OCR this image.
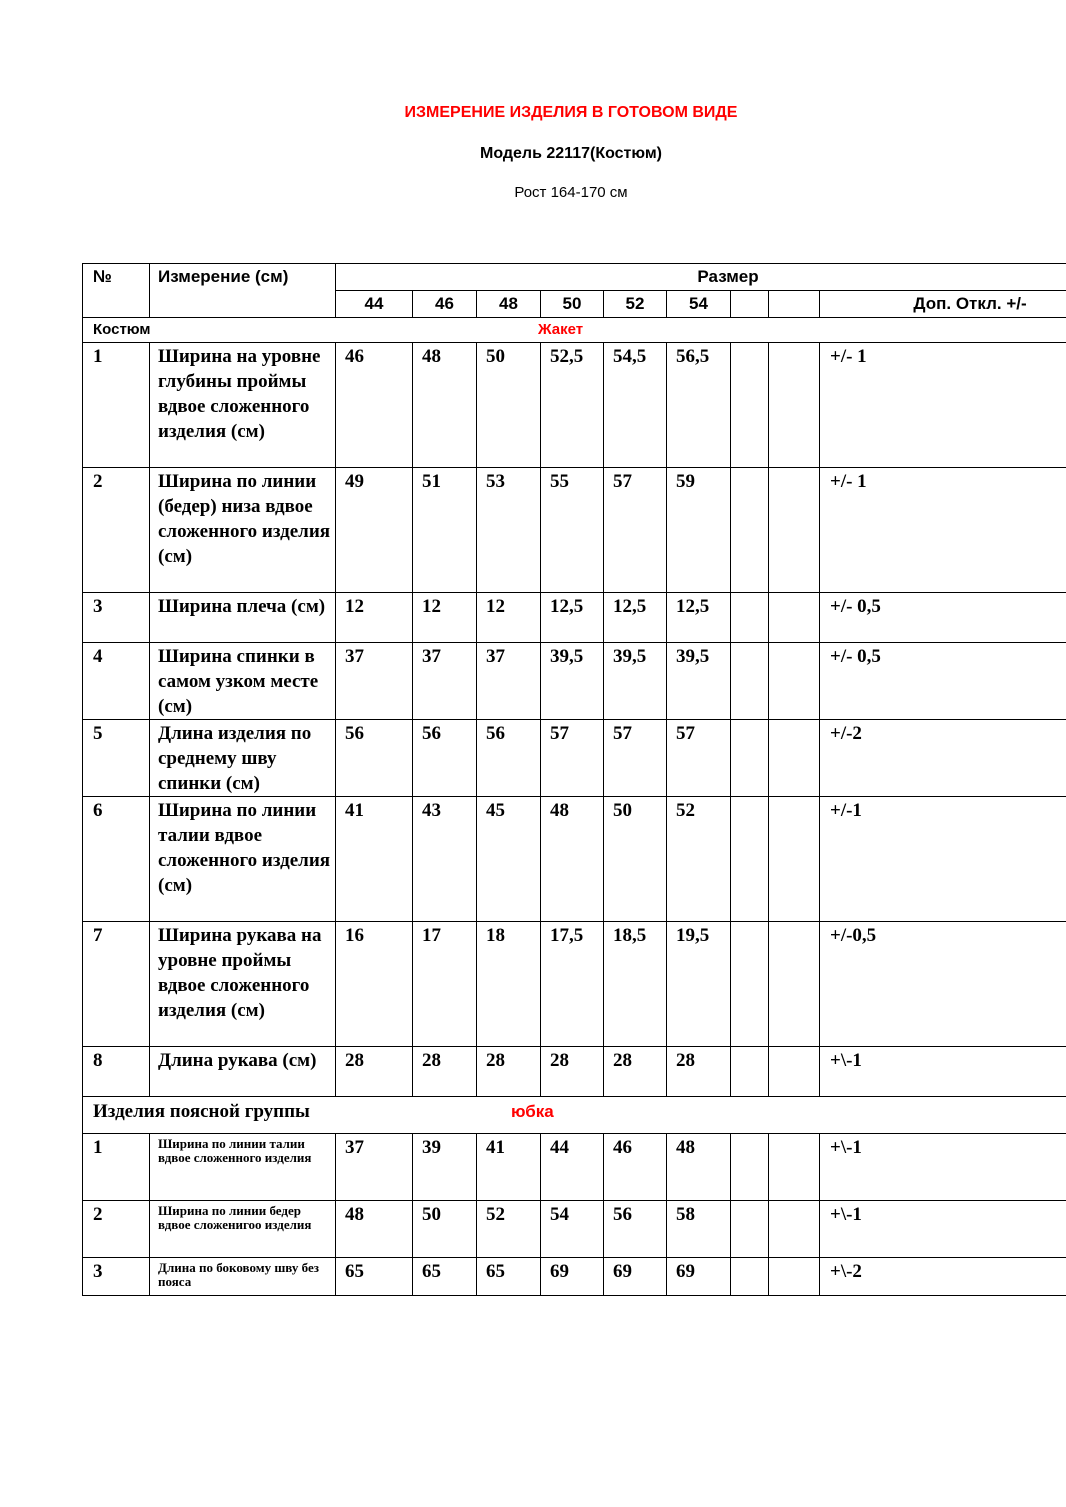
ИЗМЕРЕНИЕ ИЗДЕЛИЯ В ГОТОВОМ ВИДЕ
Модель 22117(Костюм)
Рост 164-170 см
№	Измерение (см)	Размер								
		44	46	48	50	52	54			Доп. Откл. +/-
Костюм Жакет										

1	Ширина на уровне глубины проймы вдвое сложенного изделия (см)	46	48	50	52,5	54,5	56,5			+/- 1
2	Ширина по линии (бедер) низа вдвое сложенного изделия (см)	49	51	53	55	57	59			+/- 1
3	Ширина плеча (см)	12	12	12	12,5	12,5	12,5			+/- 0,5
4	Ширина спинки в самом узком месте (см)	37	37	37	39,5	39,5	39,5			+/- 0,5
5	Длина изделия по среднему шву спинки (см)	56	56	56	57	57	57			+/-2
6	Ширина по линии талии вдвое сложенного изделия (см)	41	43	45	48	50	52			+/-1
7	Ширина рукава на уровне проймы вдвое сложенного изделия (см)	16	17	18	17,5	18,5	19,5			+/-0,5
8	Длина рукава (см)	28	28	28	28	28	28			+\-1
Изделия поясной группы юбка										

1	Ширина по линии талии вдвое сложенного изделия	37	39	41	44	46	48			+\-1
2	Ширина по линии бедер вдвое сложенигоо изделия	48	50	52	54	56	58			+\-1
3	Длина по боковому шву без пояса	65	65	65	69	69	69			+\-2
